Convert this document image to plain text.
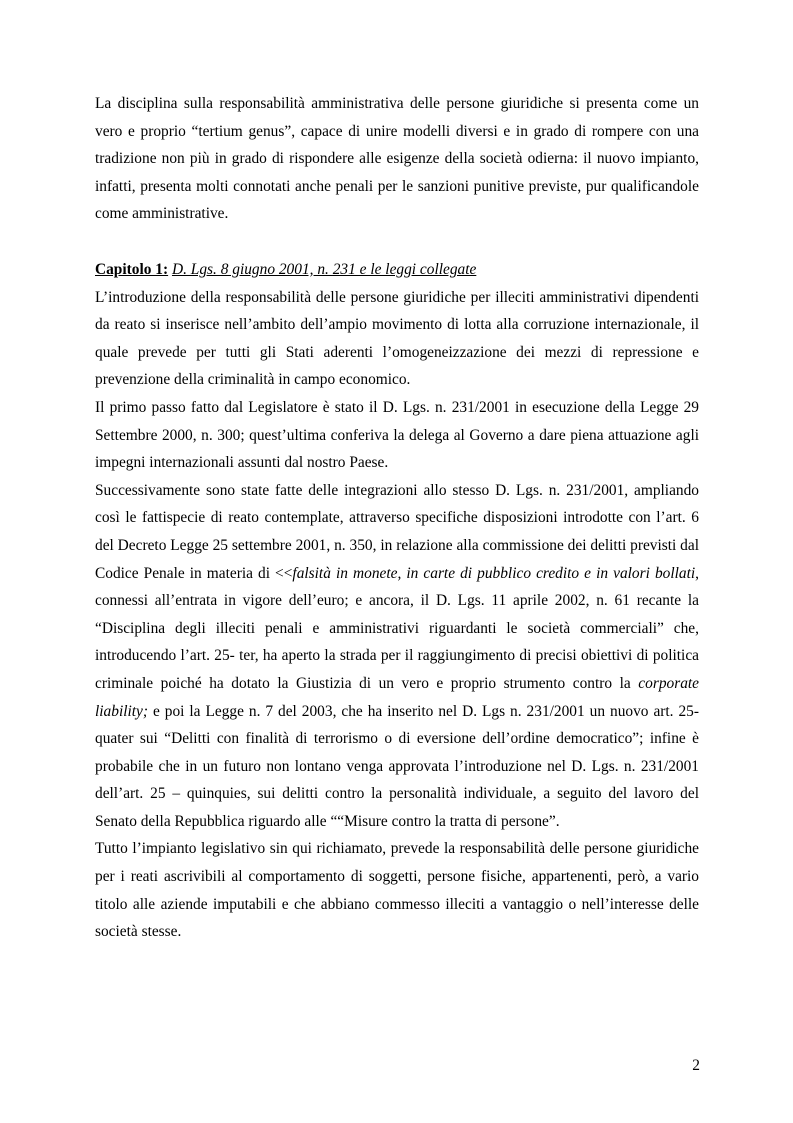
La disciplina sulla responsabilità amministrativa delle persone giuridiche si presenta come un vero e proprio “tertium genus”, capace di unire modelli diversi e in grado di rompere con una tradizione non più in grado di rispondere alle esigenze della società odierna: il nuovo impianto, infatti, presenta molti connotati anche penali per le sanzioni punitive previste, pur qualificandole come amministrative.

Capitolo 1: D. Lgs. 8 giugno 2001, n. 231 e le leggi collegate

L’introduzione della responsabilità delle persone giuridiche per illeciti amministrativi dipendenti da reato si inserisce nell’ambito dell’ampio movimento di lotta alla corruzione internazionale, il quale prevede per tutti gli Stati aderenti l’omogeneizzazione dei mezzi di repressione e prevenzione della criminalità in campo economico.

Il primo passo fatto dal Legislatore è stato il D. Lgs. n. 231/2001 in esecuzione della Legge 29 Settembre 2000, n. 300; quest’ultima conferiva la delega al Governo a dare piena attuazione agli impegni internazionali assunti dal nostro Paese.

Successivamente sono state fatte delle integrazioni allo stesso D. Lgs. n. 231/2001, ampliando così le fattispecie di reato contemplate, attraverso specifiche disposizioni introdotte con l’art. 6 del Decreto Legge 25 settembre 2001, n. 350, in relazione alla commissione dei delitti previsti dal Codice Penale in materia di <<falsità in monete, in carte di pubblico credito e in valori bollati, connessi all’entrata in vigore dell’euro; e ancora, il D. Lgs. 11 aprile 2002, n. 61 recante la “Disciplina degli illeciti penali e amministrativi riguardanti le società commerciali” che, introducendo l’art. 25- ter, ha aperto la strada per il raggiungimento di precisi obiettivi di politica criminale poiché ha dotato la Giustizia di un vero e proprio strumento contro la corporate liability; e poi la Legge n. 7 del 2003, che ha inserito nel D. Lgs n. 231/2001 un nuovo art. 25-quater sui “Delitti con finalità di terrorismo o di eversione dell’ordine democratico”; infine è probabile che in un futuro non lontano venga approvata l’introduzione nel D. Lgs. n. 231/2001 dell’art. 25 – quinquies, sui delitti contro la personalità individuale, a seguito del lavoro del Senato della Repubblica riguardo alle ““Misure contro la tratta di persone”.

Tutto l’impianto legislativo sin qui richiamato, prevede la responsabilità delle persone giuridiche per i reati ascrivibili al comportamento di soggetti, persone fisiche, appartenenti, però, a vario titolo alle aziende imputabili e che abbiano commesso illeciti a vantaggio o nell’interesse delle società stesse.

2
